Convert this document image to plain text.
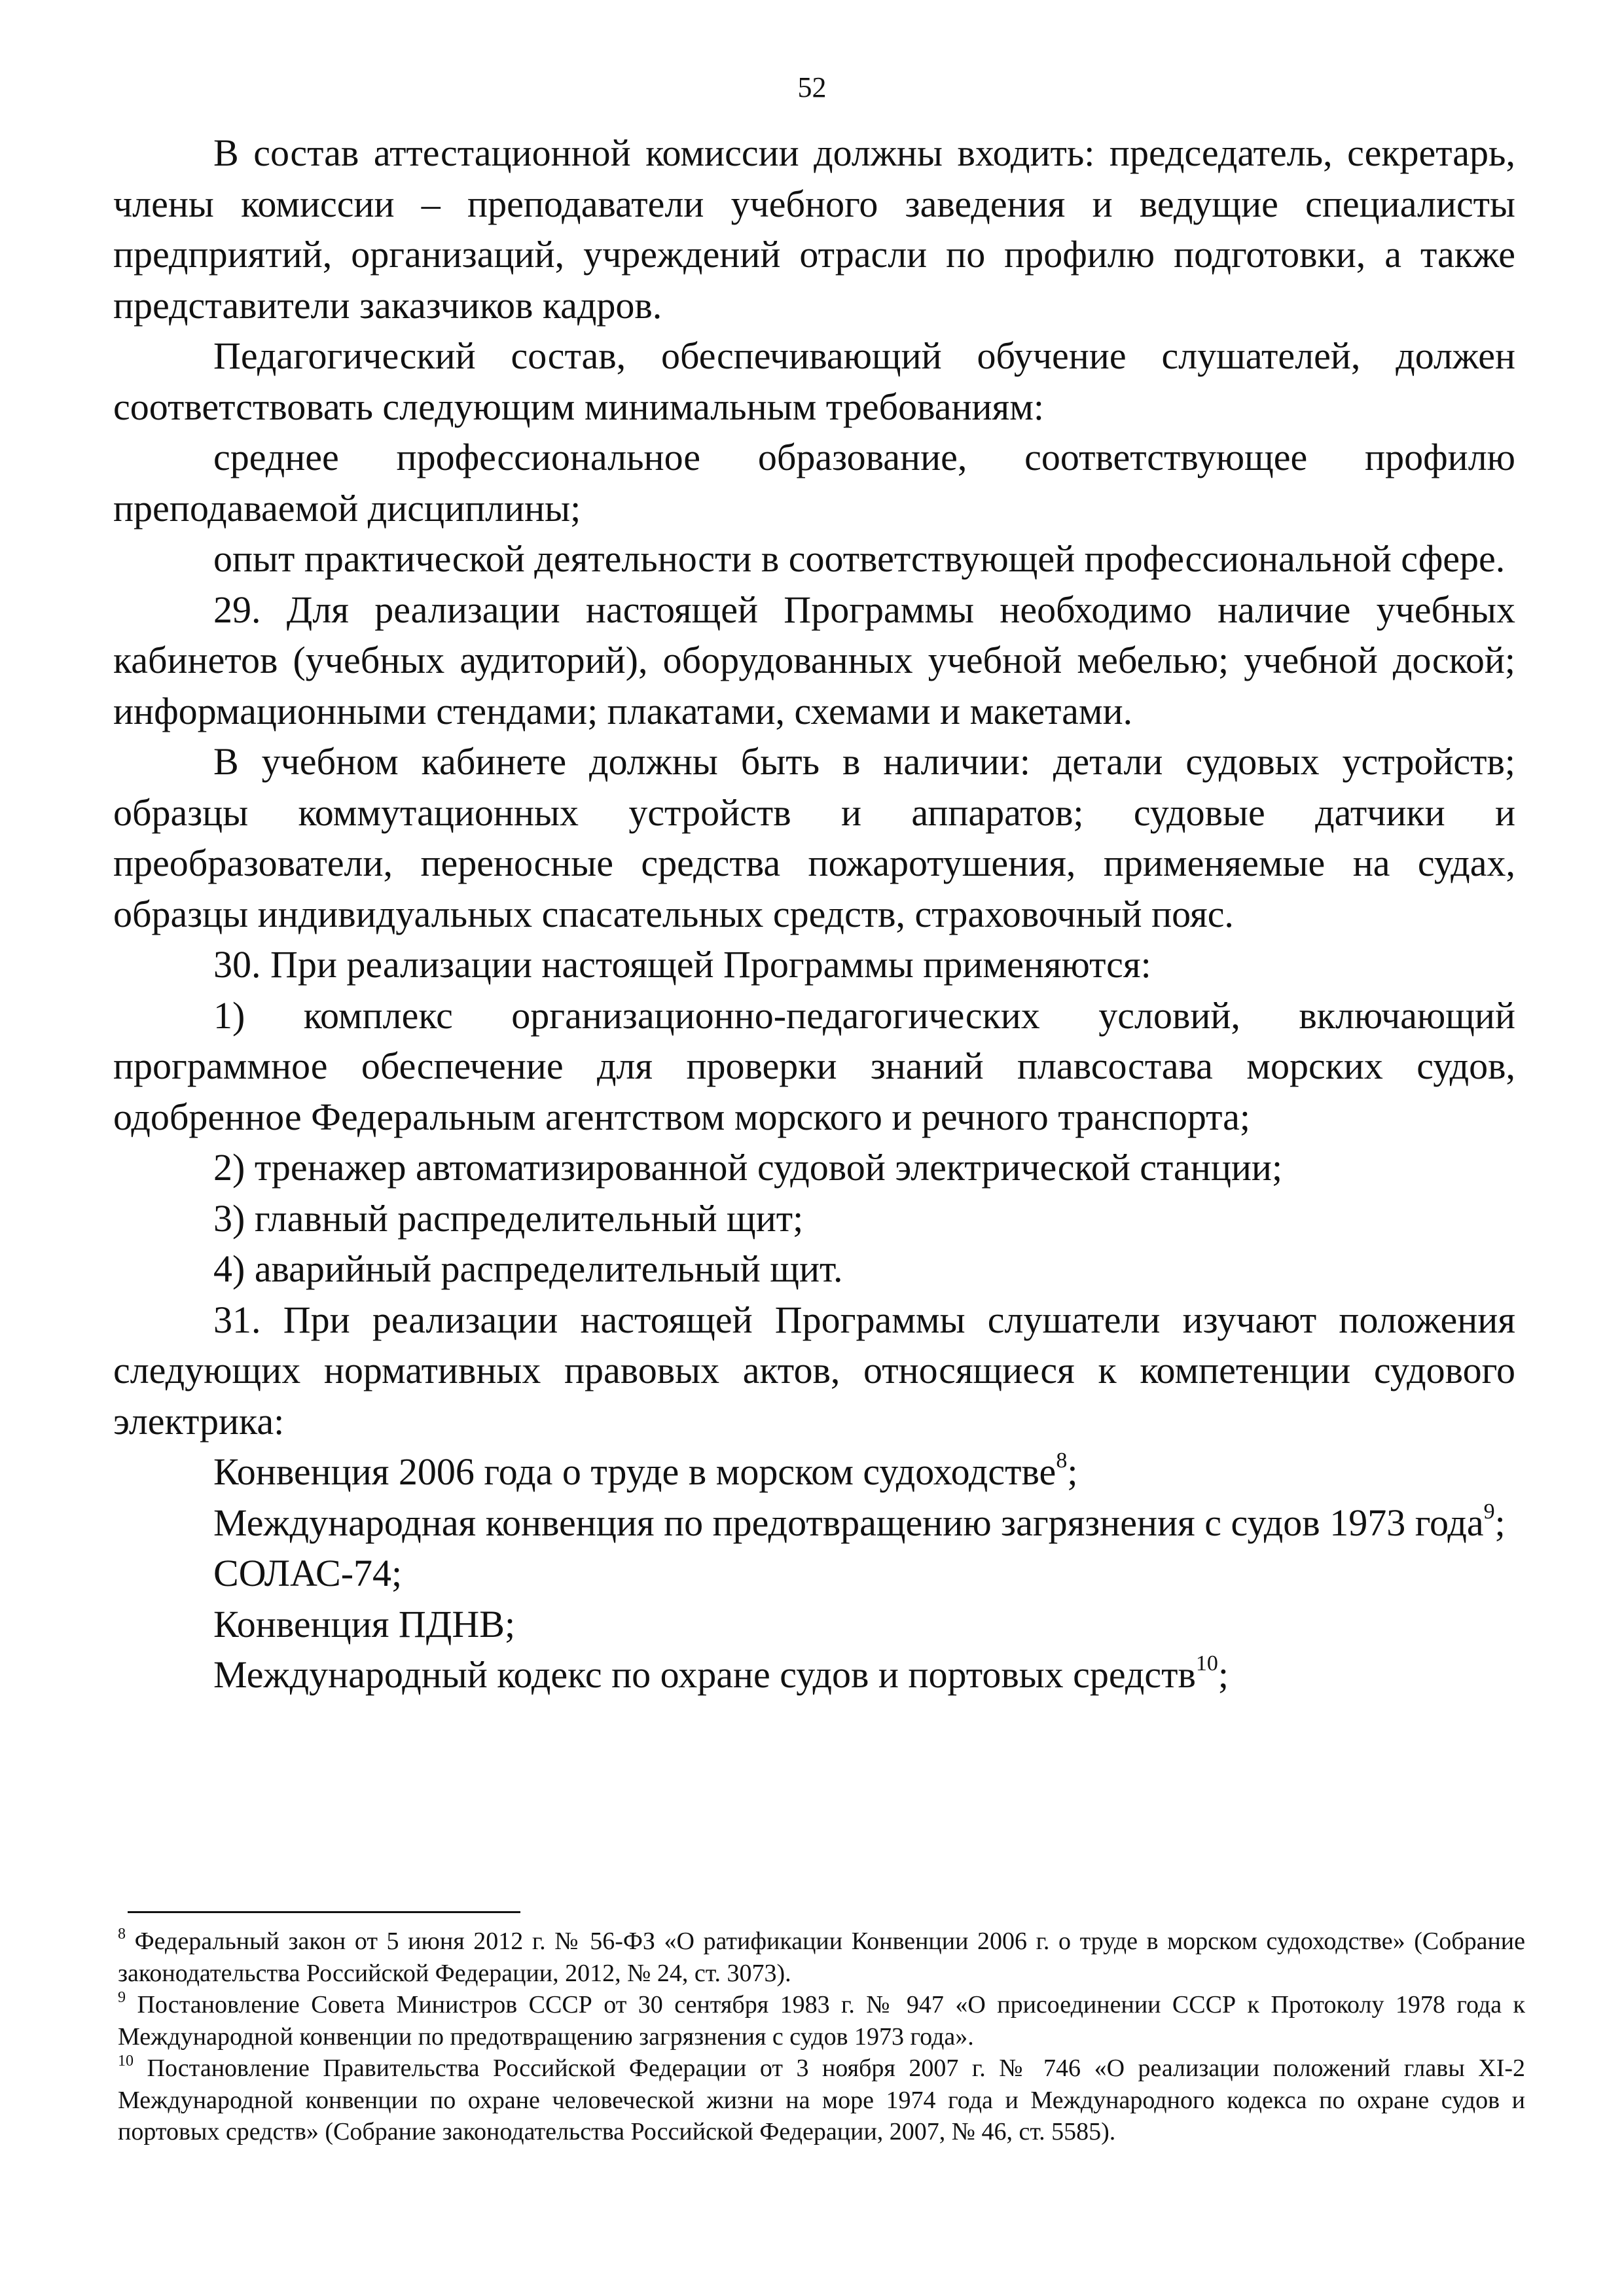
52

В состав аттестационной комиссии должны входить: председатель, секретарь, члены комиссии – преподаватели учебного заведения и ведущие специалисты предприятий, организаций, учреждений отрасли по профилю подготовки, а также представители заказчиков кадров.

Педагогический состав, обеспечивающий обучение слушателей, должен соответствовать следующим минимальным требованиям:

среднее профессиональное образование, соответствующее профилю преподаваемой дисциплины;

опыт практической деятельности в соответствующей профессиональной сфере.

29. Для реализации настоящей Программы необходимо наличие учебных кабинетов (учебных аудиторий), оборудованных учебной мебелью; учебной доской; информационными стендами; плакатами, схемами и макетами.

В учебном кабинете должны быть в наличии: детали судовых устройств; образцы коммутационных устройств и аппаратов; судовые датчики и преобразователи, переносные средства пожаротушения, применяемые на судах, образцы индивидуальных спасательных средств, страховочный пояс.

30. При реализации настоящей Программы применяются:

1) комплекс организационно-педагогических условий, включающий программное обеспечение для проверки знаний плавсостава морских судов, одобренное Федеральным агентством морского и речного транспорта;

2) тренажер автоматизированной судовой электрической станции;

3) главный распределительный щит;

4) аварийный распределительный щит.

31. При реализации настоящей Программы слушатели изучают положения следующих нормативных правовых актов, относящиеся к компетенции судового электрика:

Конвенция 2006 года о труде в морском судоходстве$^8$;

Международная конвенция по предотвращению загрязнения с судов 1973 года$^9$;

СОЛАС-74;

Конвенция ПДНВ;

Международный кодекс по охране судов и портовых средств$^{10}$;

$^8$ Федеральный закон от 5 июня 2012 г. № 56-ФЗ «О ратификации Конвенции 2006 г. о труде в морском судоходстве» (Собрание законодательства Российской Федерации, 2012, № 24, ст. 3073).

$^9$ Постановление Совета Министров СССР от 30 сентября 1983 г. № 947 «О присоединении СССР к Протоколу 1978 года к Международной конвенции по предотвращению загрязнения с судов 1973 года».

$^{10}$ Постановление Правительства Российской Федерации от 3 ноября 2007 г. № 746 «О реализации положений главы XI-2 Международной конвенции по охране человеческой жизни на море 1974 года и Международного кодекса по охране судов и портовых средств» (Собрание законодательства Российской Федерации, 2007, № 46, ст. 5585).
